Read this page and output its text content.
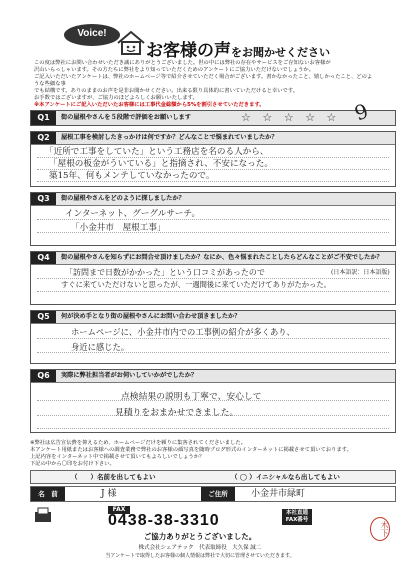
Voice!
お客様の声をお聞かせください
この度は弊社にお問い合わせいただき誠にありがとうございました。世の中には弊社の存在やサービスをご存知ないお客様が
沢山いらっしゃいます。その方たちに弊社をより知っていただくためのアンケートにご協力いただけないでしょうか。
ご記入いただいたアンケートは、弊社のホームページ等で紹介させていただく場合がございます。書かなかったこと、嬉しかったこと、どのような些細な事
でも結構です。ありのままのお声を是非お聞かせください。出来る限り具体的に書いていただけると幸いです。
お手数ではございますが、ご協力のほどよろしくお願いいたします。
※本アンケートにご記入いただいたお客様には工事代金総額から5%を割引させていただきます。
Q1	街の屋根やさんを５段階で評価をお願いします	☆ ☆ ☆ ☆ ☆ 9
Q2	屋根工事を検討したきっかけは何ですか？どんなことで悩まれていましたか？
「近所で工事をしていた」という工務店を名のる人から、
「屋根の板金がういている」と指摘され、不安になった。
築15年、何もメンテしていなかったので。
Q3	街の屋根やさんをどのように探しましたか？
インターネット、グーグルサーチ。
「小金井市　屋根工事」
Q4	街の屋根やさんを知らずにお問合せ頂けましたか？なにか、色々悩まれたことしたらどんなことがご不安でしたか？
「訪問まで日数がかかった」という口コミがあったので
すぐに来ていただけないと思ったが、一週間後に来ていただけてありがたかった。
(日本語訳：日本語版)
Q5	何が決め手となり街の屋根やさんにお問い合わせ頂きましたか？
ホームページに、小金井市内での工事例の紹介が多くあり、
身近に感じた。
Q6	実際に弊社担当者がお伺いしていかがでしたか？
点検結果の説明も丁寧で、安心して
見積りをおまかせできました。
※弊社は広告宣伝費を抑えるため、ホームページだけを頼りに集客されてくださいました。
本アンケート用紙またはお客様への調査業務で弊社のお客様の顔写真を随時ブログ形式のインターネットに掲載させて頂いております。
上記内容をインターネット中で掲載させて頂いてもよろしいでしょうか？
下記の中から〇印をお付け下さい。
（　　）名前を出してもよい	（ ◯ ）イニシャルなら出してもよい
名　前	J 様	ご住所	小金井市緑町
FAX
0438-38-3310	本社直通 FAX番号
ご協力ありがとうございました。
株式会社シェアテック　代表取締役　大久保 誠二
当アンケートで取得したお客様の個人情報は弊社で大切に管理させていただきます。
木下
